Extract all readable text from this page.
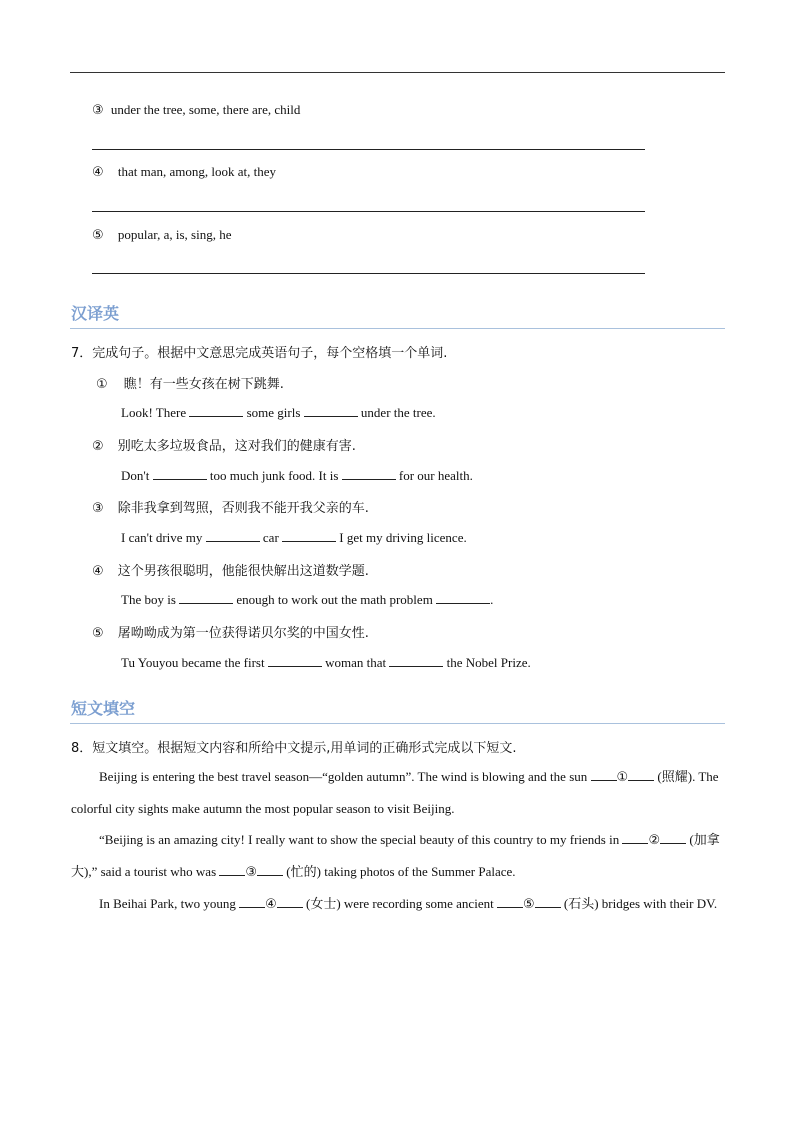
③ under the tree, some, there are, child
④ that man, among, look at, they
⑤ popular, a, is, sing, he
汉译英
7．完成句子。根据中文意思完成英语句子，每个空格填一个单词.
① 瞧！有一些女孩在树下跳舞.
Look! There	some girls	under the tree.
② 别吃太多垃圾食品，这对我们的健康有害.
Don't	too much junk food. It is	for our health.
③ 除非我拿到驾照，否则我不能开我父亲的车.
I can't drive my	car	I get my driving licence.
④ 这个男孩很聪明，他能很快解出这道数学题.
The boy is	enough to work out the math problem	.
⑤ 屠呦呦成为第一位获得诺贝尔奖的中国女性.
Tu Youyou became the first	woman that	the Nobel Prize.
短文填空
8．短文填空。根据短文内容和所给中文提示,用单词的正确形式完成以下短文.

Beijing is entering the best travel season—“golden autumn”. The wind is blowing and the sun ① (照耀). The colorful city sights make autumn the most popular season to visit Beijing.

“Beijing is an amazing city! I really want to show the special beauty of this country to my friends in ② (加拿大),” said a tourist who was ③ (忙的) taking photos of the Summer Palace.

In Beihai Park, two young ④ (女士) were recording some ancient ⑤ (石头) bridges with their DV.
